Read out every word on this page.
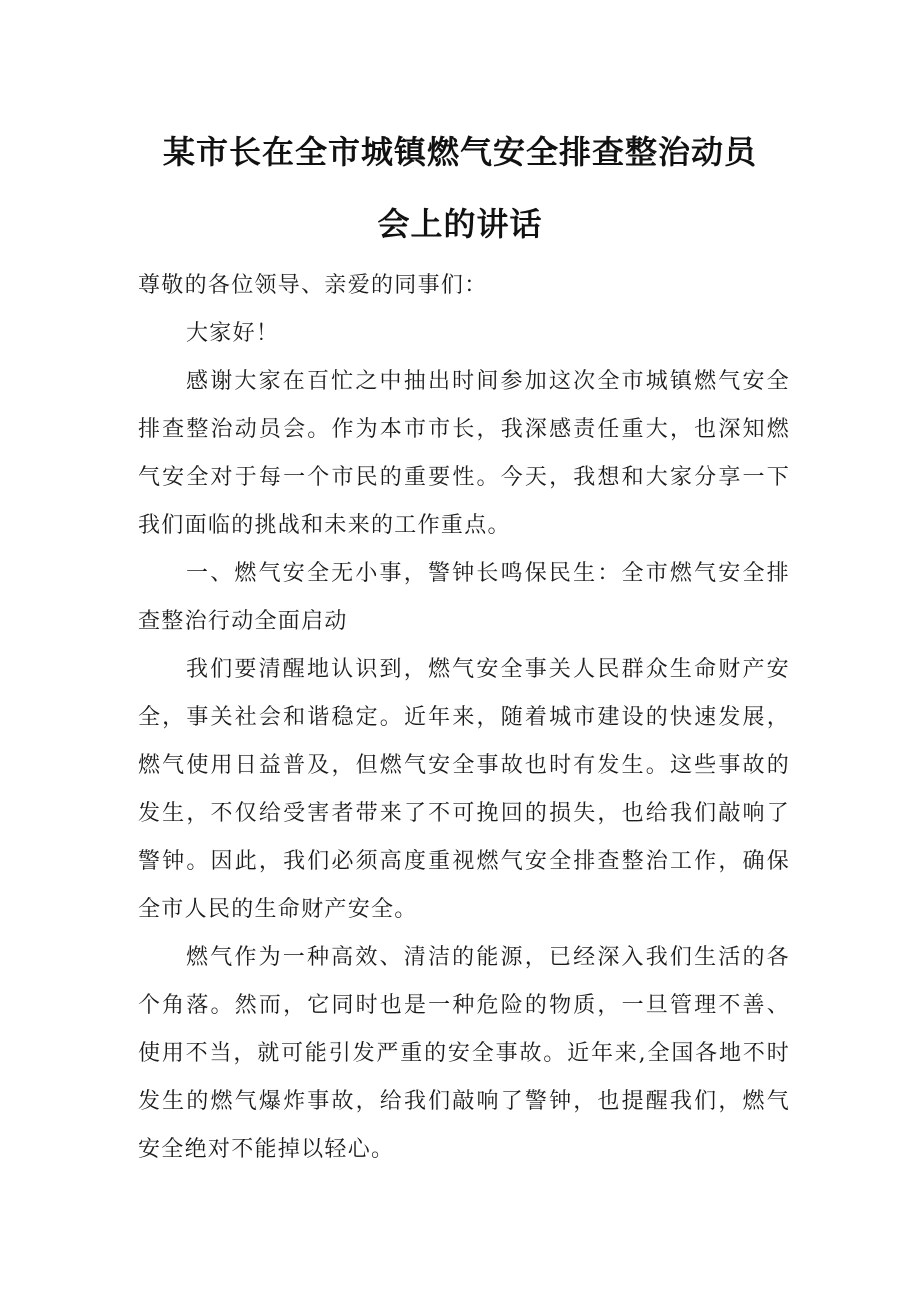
某市长在全市城镇燃气安全排查整治动员
会上的讲话

尊敬的各位领导、亲爱的同事们：

大家好！

感谢大家在百忙之中抽出时间参加这次全市城镇燃气安全排查整治动员会。作为本市市长，我深感责任重大，也深知燃气安全对于每一个市民的重要性。今天，我想和大家分享一下我们面临的挑战和未来的工作重点。

一、燃气安全无小事，警钟长鸣保民生：全市燃气安全排查整治行动全面启动

我们要清醒地认识到，燃气安全事关人民群众生命财产安全，事关社会和谐稳定。近年来，随着城市建设的快速发展，燃气使用日益普及，但燃气安全事故也时有发生。这些事故的发生，不仅给受害者带来了不可挽回的损失，也给我们敲响了警钟。因此，我们必须高度重视燃气安全排查整治工作，确保全市人民的生命财产安全。

燃气作为一种高效、清洁的能源，已经深入我们生活的各个角落。然而，它同时也是一种危险的物质，一旦管理不善、使用不当，就可能引发严重的安全事故。近年来,全国各地不时发生的燃气爆炸事故，给我们敲响了警钟，也提醒我们，燃气安全绝对不能掉以轻心。
